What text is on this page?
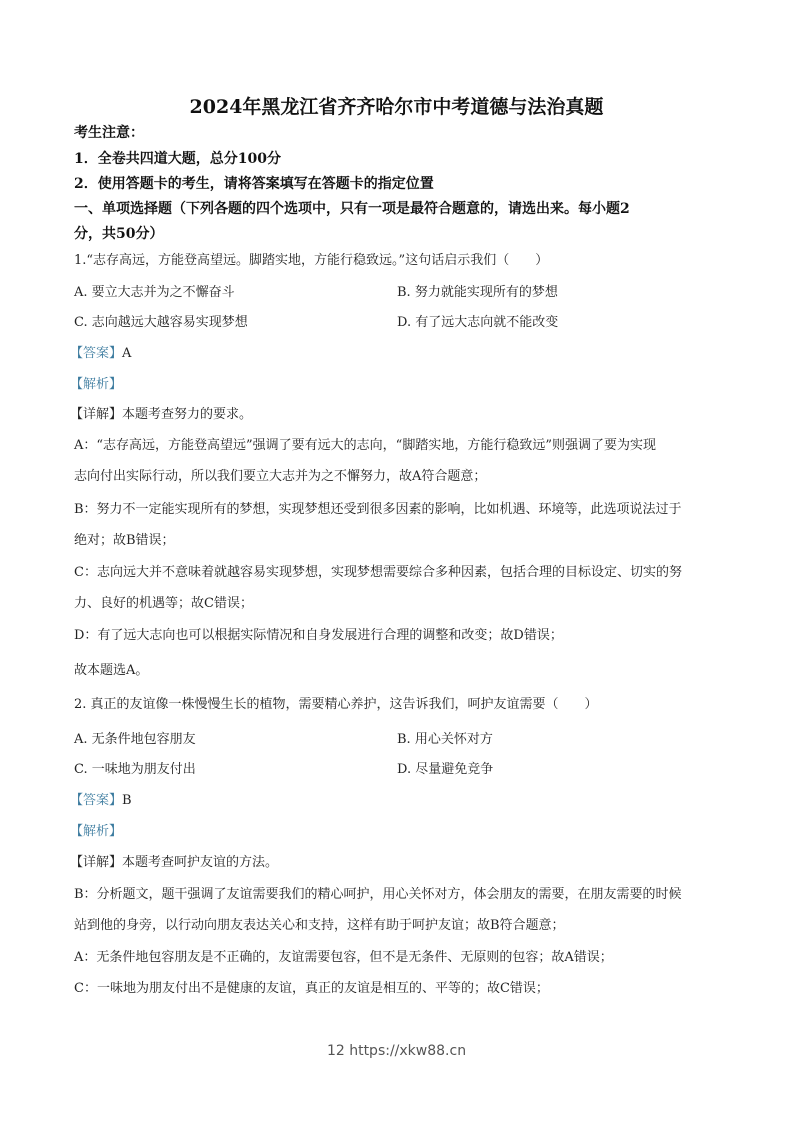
2024年黑龙江省齐齐哈尔市中考道德与法治真题
考生注意：
1．全卷共四道大题，总分100分
2．使用答题卡的考生，请将答案填写在答题卡的指定位置
一、单项选择题（下列各题的四个选项中，只有一项是最符合题意的，请选出来。每小题2
分，共50分）
1.“志存高远，方能登高望远。脚踏实地，方能行稳致远。”这句话启示我们（　　）
A. 要立大志并为之不懈奋斗	B. 努力就能实现所有的梦想
C. 志向越远大越容易实现梦想	D. 有了远大志向就不能改变
【答案】A
【解析】
【详解】本题考查努力的要求。
A：“志存高远，方能登高望远”强调了要有远大的志向，“脚踏实地，方能行稳致远”则强调了要为实现
志向付出实际行动，所以我们要立大志并为之不懈努力，故A符合题意；
B：努力不一定能实现所有的梦想，实现梦想还受到很多因素的影响，比如机遇、环境等，此选项说法过于
绝对；故B错误；
C：志向远大并不意味着就越容易实现梦想，实现梦想需要综合多种因素，包括合理的目标设定、切实的努
力、良好的机遇等；故C错误；
D：有了远大志向也可以根据实际情况和自身发展进行合理的调整和改变；故D错误；
故本题选A。
2. 真正的友谊像一株慢慢生长的植物，需要精心养护，这告诉我们，呵护友谊需要（　　）
A. 无条件地包容朋友	B. 用心关怀对方
C. 一味地为朋友付出	D. 尽量避免竞争
【答案】B
【解析】
【详解】本题考查呵护友谊的方法。
B：分析题文，题干强调了友谊需要我们的精心呵护，用心关怀对方，体会朋友的需要，在朋友需要的时候
站到他的身旁，以行动向朋友表达关心和支持，这样有助于呵护友谊；故B符合题意；
A：无条件地包容朋友是不正确的，友谊需要包容，但不是无条件、无原则的包容；故A错误；
C：一味地为朋友付出不是健康的友谊，真正的友谊是相互的、平等的；故C错误；
12 https://xkw88.cn
